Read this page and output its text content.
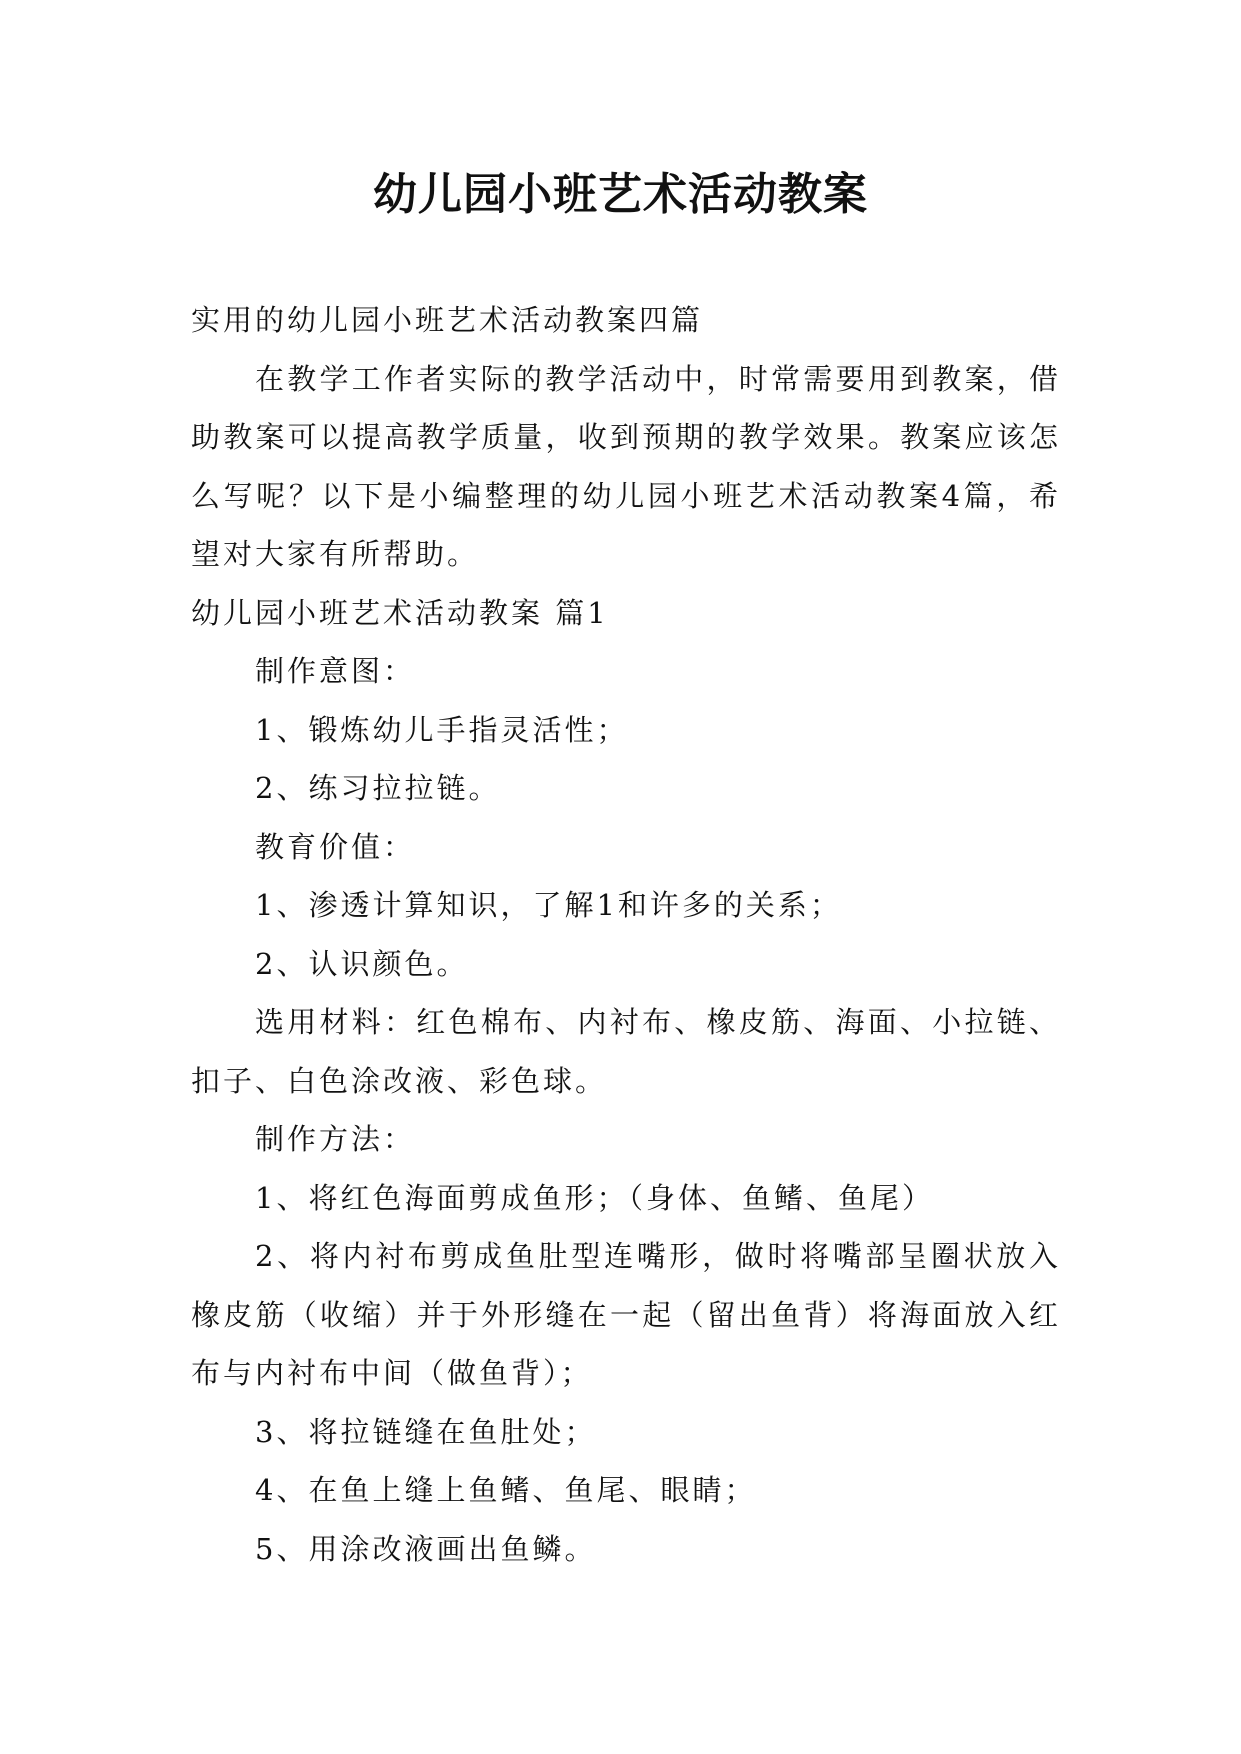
幼儿园小班艺术活动教案

实用的幼儿园小班艺术活动教案四篇

在教学工作者实际的教学活动中，时常需要用到教案，借助教案可以提高教学质量，收到预期的教学效果。教案应该怎么写呢？以下是小编整理的幼儿园小班艺术活动教案4篇，希望对大家有所帮助。

幼儿园小班艺术活动教案 篇1

制作意图：

1、锻炼幼儿手指灵活性；

2、练习拉拉链。

教育价值：

1、渗透计算知识，了解1和许多的关系；

2、认识颜色。

选用材料：红色棉布、内衬布、橡皮筋、海面、小拉链、扣子、白色涂改液、彩色球。

制作方法：

1、将红色海面剪成鱼形；（身体、鱼鳍、鱼尾）

2、将内衬布剪成鱼肚型连嘴形，做时将嘴部呈圈状放入橡皮筋（收缩）并于外形缝在一起（留出鱼背）将海面放入红布与内衬布中间（做鱼背）；

3、将拉链缝在鱼肚处；

4、在鱼上缝上鱼鳍、鱼尾、眼睛；

5、用涂改液画出鱼鳞。
